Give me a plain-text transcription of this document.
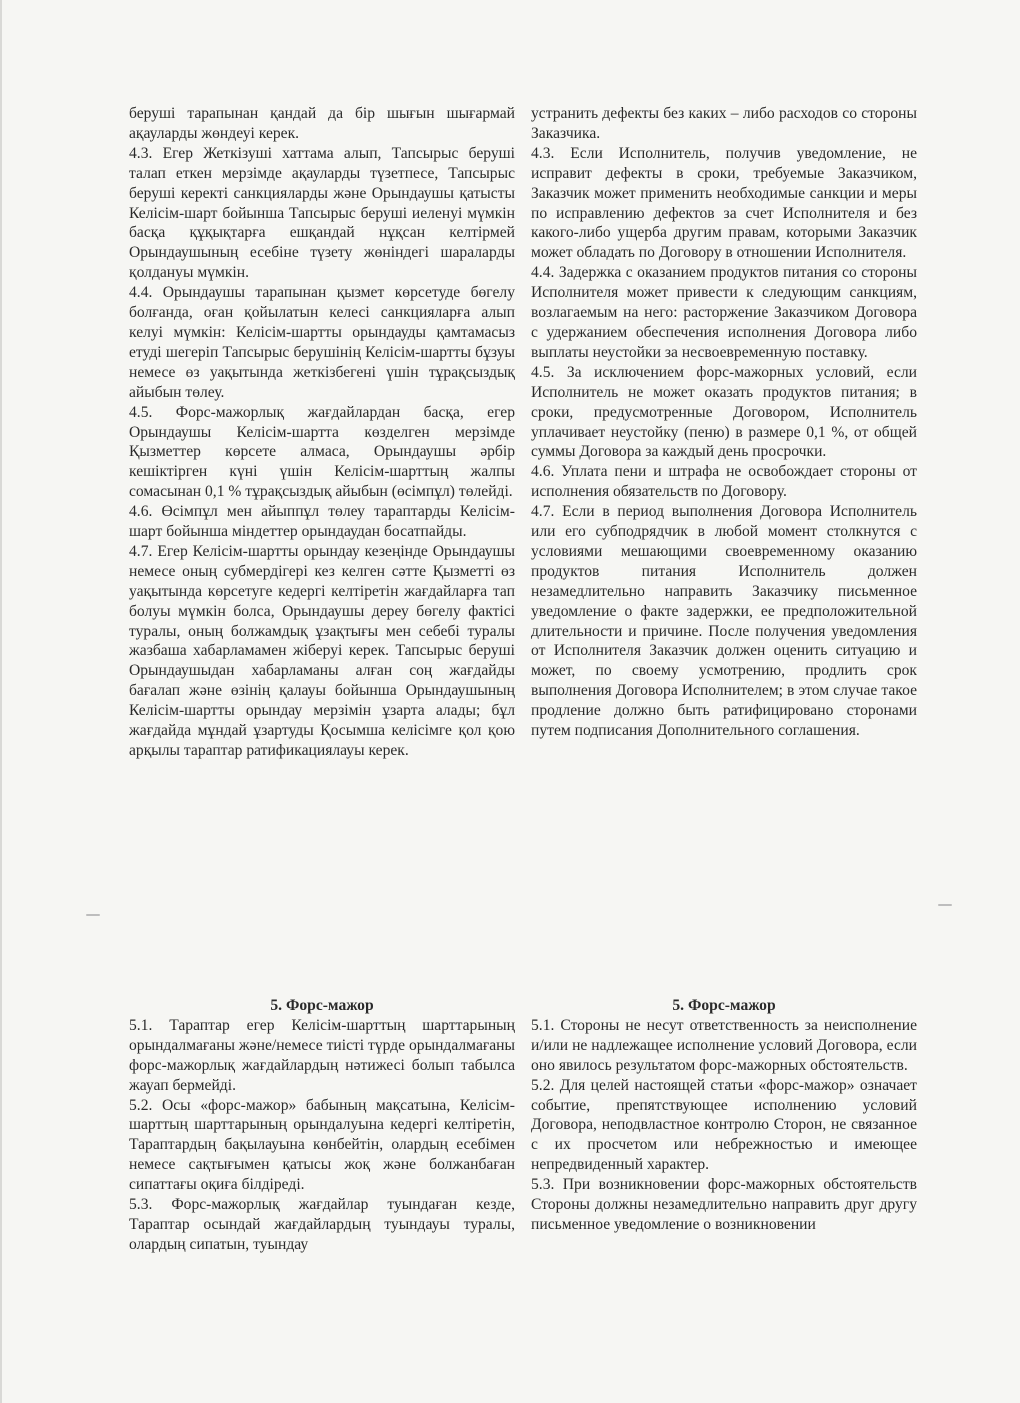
беруші тарапынан қандай да бір шығын шығармай ақауларды жөндеуі керек.

4.3. Егер Жеткізуші хаттама алып, Тапсырыс беруші талап еткен мерзімде ақауларды түзетпесе, Тапсырыс беруші керекті санкцияларды және Орындаушы қатысты Келісім-шарт бойынша Тапсырыс беруші иеленуі мүмкін басқа құқықтарға ешқандай нұқсан келтірмей Орындаушының есебіне түзету жөніндегі шараларды қолдануы мүмкін.

4.4. Орындаушы тарапынан қызмет көрсетуде бөгелу болғанда, оған қойылатын келесі санкцияларға алып келуі мүмкін: Келісім-шартты орындауды қамтамасыз етуді шегеріп Тапсырыс берушінің Келісім-шартты бұзуы немесе өз уақытында жеткізбегені үшін тұрақсыздық айыбын төлеу.

4.5. Форс-мажорлық жағдайлардан басқа, егер Орындаушы Келісім-шартта көзделген мерзімде Қызметтер көрсете алмаса, Орындаушы әрбір кешіктірген күні үшін Келісім-шарттың жалпы сомасынан 0,1 % тұрақсыздық айыбын (өсімпұл) төлейді.

4.6. Өсімпұл мен айыппұл төлеу тараптарды Келісім-шарт бойынша міндеттер орындаудан босатпайды.

4.7. Егер Келісім-шартты орындау кезеңінде Орындаушы немесе оның субмердігері кез келген сәтте Қызметті өз уақытында көрсетуге кедергі келтіретін жағдайларға тап болуы мүмкін болса, Орындаушы дереу бөгелу фактісі туралы, оның болжамдық ұзақтығы мен себебі туралы жазбаша хабарламамен жіберуі керек. Тапсырыс беруші Орындаушыдан хабарламаны алған соң жағдайды бағалап және өзінің қалауы бойынша Орындаушының Келісім-шартты орындау мерзімін ұзарта алады; бұл жағдайда мұндай ұзартуды Қосымша келісімге қол қою арқылы тараптар ратификациялауы керек.

устранить дефекты без каких – либо расходов со стороны Заказчика.

4.3. Если Исполнитель, получив уведомление, не исправит дефекты в сроки, требуемые Заказчиком, Заказчик может применить необходимые санкции и меры по исправлению дефектов за счет Исполнителя и без какого-либо ущерба другим правам, которыми Заказчик может обладать по Договору в отношении Исполнителя.

4.4. Задержка с оказанием продуктов питания со стороны Исполнителя может привести к следующим санкциям, возлагаемым на него: расторжение Заказчиком Договора с удержанием обеспечения исполнения Договора либо выплаты неустойки за несвоевременную поставку.

4.5. За исключением форс-мажорных условий, если Исполнитель не может оказать продуктов питания; в сроки, предусмотренные Договором, Исполнитель уплачивает неустойку (пеню) в размере 0,1 %, от общей суммы Договора за каждый день просрочки.

4.6. Уплата пени и штрафа не освобождает стороны от исполнения обязательств по Договору.

4.7. Если в период выполнения Договора Исполнитель или его субподрядчик в любой момент столкнутся с условиями мешающими своевременному оказанию продуктов питания Исполнитель должен незамедлительно направить Заказчику письменное уведомление о факте задержки, ее предположительной длительности и причине. После получения уведомления от Исполнителя Заказчик должен оценить ситуацию и может, по своему усмотрению, продлить срок выполнения Договора Исполнителем; в этом случае такое продление должно быть ратифицировано сторонами путем подписания Дополнительного соглашения.

5. Форс-мажор

5.1. Тараптар егер Келісім-шарттың шарттарының орындалмағаны және/немесе тиісті түрде орындалмағаны форс-мажорлық жағдайлардың нәтижесі болып табылса жауап бермейді.

5.2. Осы «форс-мажор» бабының мақсатына, Келісім-шарттың шарттарының орындалуына кедергі келтіретін, Тараптардың бақылауына көнбейтін, олардың есебімен немесе сақтығымен қатысы жоқ және болжанбаған сипаттағы оқиға білдіреді.

5.3. Форс-мажорлық жағдайлар туындаған кезде, Тараптар осындай жағдайлардың туындауы туралы, олардың сипатын, туындау

5. Форс-мажор

5.1. Стороны не несут ответственность за неисполнение и/или не надлежащее исполнение условий Договора, если оно явилось результатом форс-мажорных обстоятельств.

5.2. Для целей настоящей статьи «форс-мажор» означает событие, препятствующее исполнению условий Договора, неподвластное контролю Сторон, не связанное с их просчетом или небрежностью и имеющее непредвиденный характер.

5.3. При возникновении форс-мажорных обстоятельств Стороны должны незамедлительно направить друг другу письменное уведомление о возникновении
